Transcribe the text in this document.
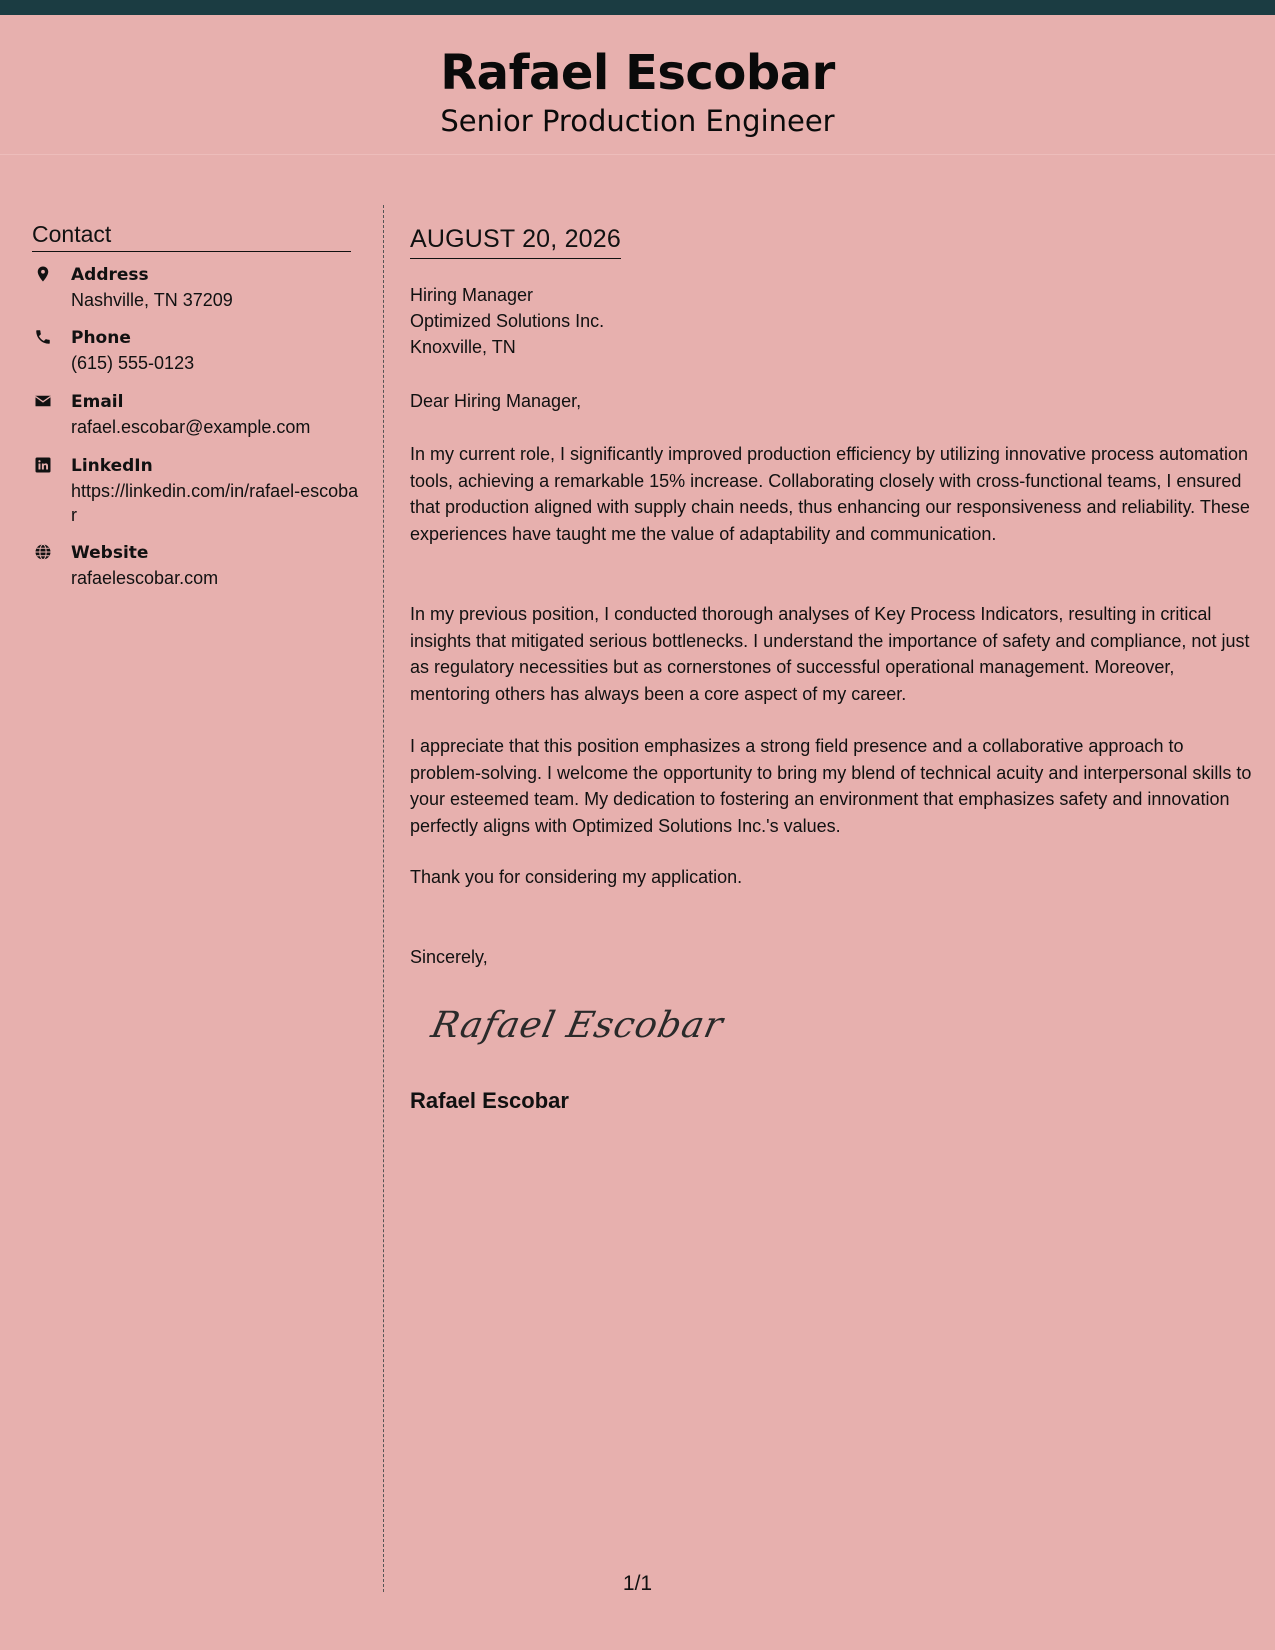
Rafael Escobar
Senior Production Engineer
Contact
Address
Nashville, TN 37209
Phone
(615) 555-0123
Email
rafael.escobar@example.com
LinkedIn
https://linkedin.com/in/rafael-escobar
Website
rafaelescobar.com
AUGUST 20, 2026
Hiring Manager
Optimized Solutions Inc.
Knoxville, TN
Dear Hiring Manager,
In my current role, I significantly improved production efficiency by utilizing innovative process automation tools, achieving a remarkable 15% increase. Collaborating closely with cross-functional teams, I ensured that production aligned with supply chain needs, thus enhancing our responsiveness and reliability. These experiences have taught me the value of adaptability and communication.
In my previous position, I conducted thorough analyses of Key Process Indicators, resulting in critical insights that mitigated serious bottlenecks. I understand the importance of safety and compliance, not just as regulatory necessities but as cornerstones of successful operational management. Moreover, mentoring others has always been a core aspect of my career.
I appreciate that this position emphasizes a strong field presence and a collaborative approach to problem-solving. I welcome the opportunity to bring my blend of technical acuity and interpersonal skills to your esteemed team. My dedication to fostering an environment that emphasizes safety and innovation perfectly aligns with Optimized Solutions Inc.'s values.
Thank you for considering my application.
Sincerely,
Rafael Escobar
Rafael Escobar
1/1
